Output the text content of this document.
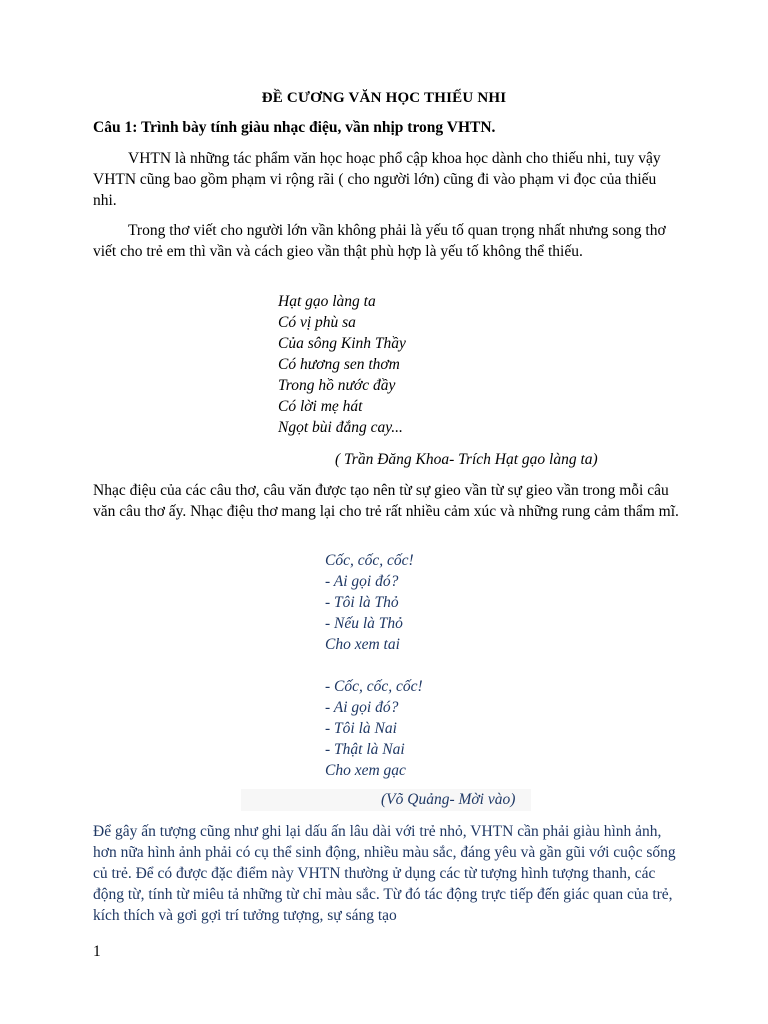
ĐỀ CƯƠNG VĂN HỌC THIẾU NHI
Câu 1: Trình bày tính giàu nhạc điệu, vần nhịp trong VHTN.

VHTN là những tác phẩm văn học hoạc phổ cập khoa học dành cho thiếu nhi, tuy vậy VHTN cũng bao gồm phạm vi rộng rãi ( cho người lớn) cũng đi vào phạm vi đọc của thiếu nhi.

Trong thơ viết cho người lớn vần không phải là yếu tố quan trọng nhất nhưng song thơ viết cho trẻ em thì vần và cách gieo vần thật phù hợp là yếu tố không thể thiếu.

Hạt gạo làng ta
Có vị phù sa
Của sông Kinh Thầy
Có hương sen thơm
Trong hồ nước đầy
Có lời mẹ hát
Ngọt bùi đắng cay...
( Trần Đăng Khoa- Trích Hạt gạo làng ta)

Nhạc điệu của các câu thơ, câu văn được tạo nên từ sự gieo vần từ sự gieo vần trong mỗi câu văn câu thơ ấy. Nhạc điệu thơ mang lại cho trẻ rất nhiều cảm xúc và những rung cảm thẩm mĩ.

Cốc, cốc, cốc!
- Ai gọi đó?
- Tôi là Thỏ
- Nếu là Thỏ
Cho xem tai
- Cốc, cốc, cốc!
- Ai gọi đó?
- Tôi là Nai
- Thật là Nai
Cho xem gạc
(Võ Quảng- Mời vào)

Để gây ấn tượng cũng như ghi lại dấu ấn lâu dài với trẻ nhỏ, VHTN cần phải giàu hình ảnh, hơn nữa hình ảnh phải có cụ thể sinh động, nhiều màu sắc, đáng yêu và gần gũi với cuộc sống củ trẻ. Để có được đặc điểm này VHTN thường ử dụng các từ tượng hình tượng thanh, các động từ, tính từ miêu tả những từ chỉ màu sắc. Từ đó tác động trực tiếp đến giác quan của trẻ, kích thích và gơi gợi trí tưởng tượng, sự sáng tạo

1
